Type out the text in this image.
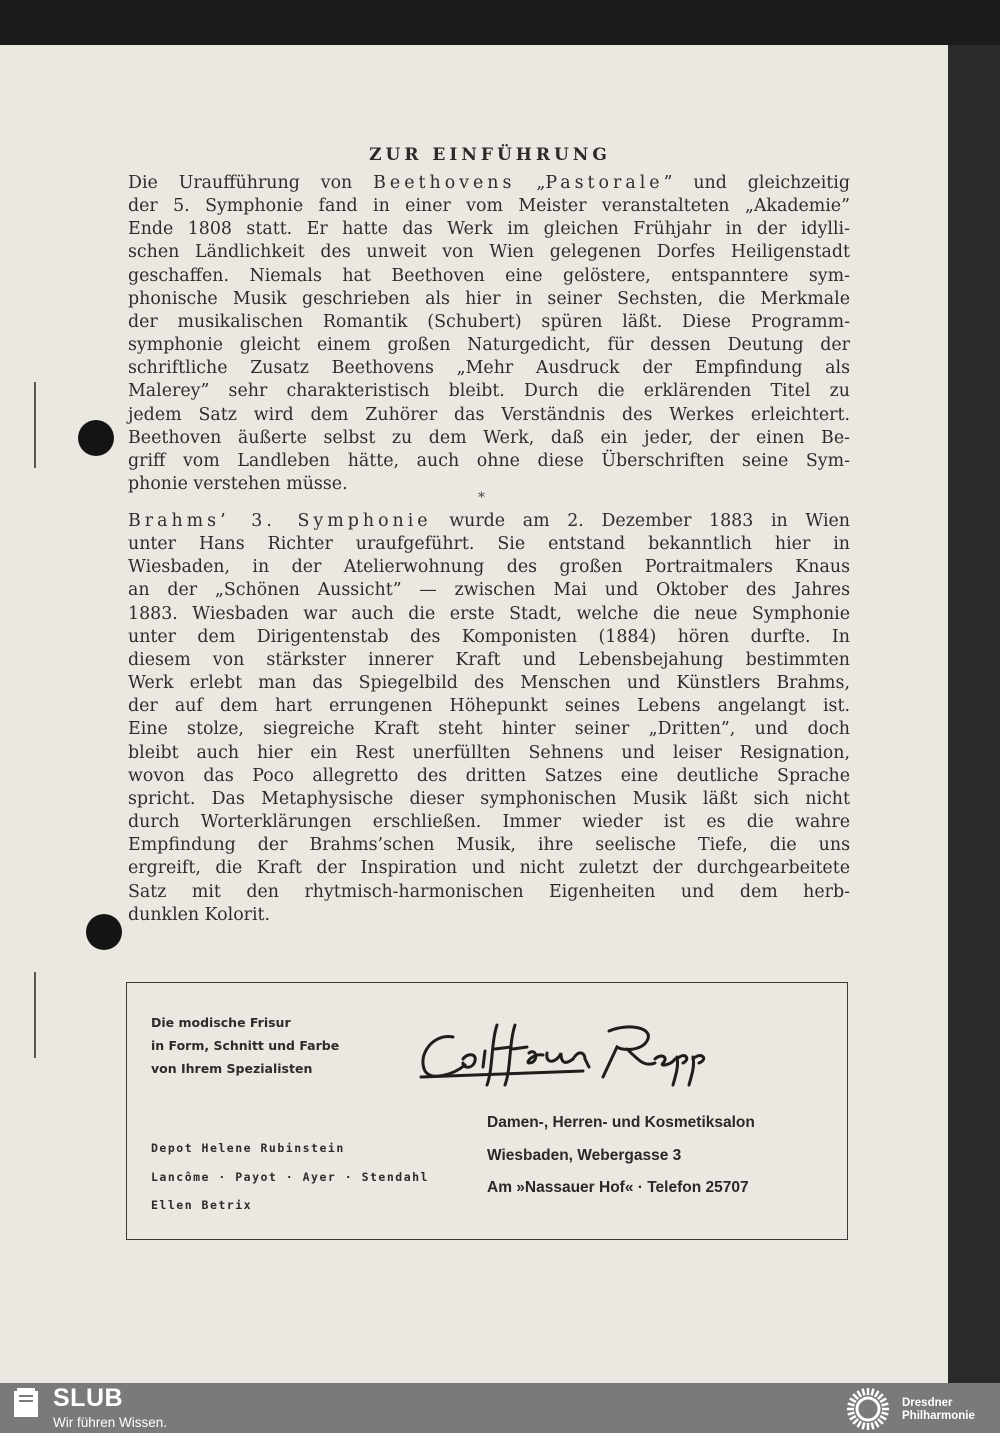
ZUR EINFÜHRUNG
Die Uraufführung von Beethovens „Pastorale” und gleichzeitig
der 5. Symphonie fand in einer vom Meister veranstalteten „Akademie”
Ende 1808 statt. Er hatte das Werk im gleichen Frühjahr in der idylli-
schen Ländlichkeit des unweit von Wien gelegenen Dorfes Heiligenstadt
geschaffen. Niemals hat Beethoven eine gelöstere, entspanntere sym-
phonische Musik geschrieben als hier in seiner Sechsten, die Merkmale
der musikalischen Romantik (Schubert) spüren läßt. Diese Programm-
symphonie gleicht einem großen Naturgedicht, für dessen Deutung der
schriftliche Zusatz Beethovens „Mehr Ausdruck der Empfindung als
Malerey” sehr charakteristisch bleibt. Durch die erklärenden Titel zu
jedem Satz wird dem Zuhörer das Verständnis des Werkes erleichtert.
Beethoven äußerte selbst zu dem Werk, daß ein jeder, der einen Be-
griff vom Landleben hätte, auch ohne diese Überschriften seine Sym-
phonie verstehen müsse.
*
Brahms’ 3. Symphonie wurde am 2. Dezember 1883 in Wien
unter Hans Richter uraufgeführt. Sie entstand bekanntlich hier in
Wiesbaden, in der Atelierwohnung des großen Portraitmalers Knaus
an der „Schönen Aussicht” — zwischen Mai und Oktober des Jahres
1883. Wiesbaden war auch die erste Stadt, welche die neue Symphonie
unter dem Dirigentenstab des Komponisten (1884) hören durfte. In
diesem von stärkster innerer Kraft und Lebensbejahung bestimmten
Werk erlebt man das Spiegelbild des Menschen und Künstlers Brahms,
der auf dem hart errungenen Höhepunkt seines Lebens angelangt ist.
Eine stolze, siegreiche Kraft steht hinter seiner „Dritten”, und doch
bleibt auch hier ein Rest unerfüllten Sehnens und leiser Resignation,
wovon das Poco allegretto des dritten Satzes eine deutliche Sprache
spricht. Das Metaphysische dieser symphonischen Musik läßt sich nicht
durch Worterklärungen erschließen. Immer wieder ist es die wahre
Empfindung der Brahms’schen Musik, ihre seelische Tiefe, die uns
ergreift, die Kraft der Inspiration und nicht zuletzt der durchgearbeitete
Satz mit den rhytmisch-harmonischen Eigenheiten und dem herb-
dunklen Kolorit.
Die modische Frisur
in Form, Schnitt und Farbe
von Ihrem Spezialisten
Depot Helene Rubinstein
Lancôme · Payot · Ayer · Stendahl
Ellen Betrix
Damen-, Herren- und Kosmetiksalon
Wiesbaden, Webergasse 3
Am »Nassauer Hof« · Telefon 25707
SLUB
Wir führen Wissen.
Dresdner
Philharmonie
